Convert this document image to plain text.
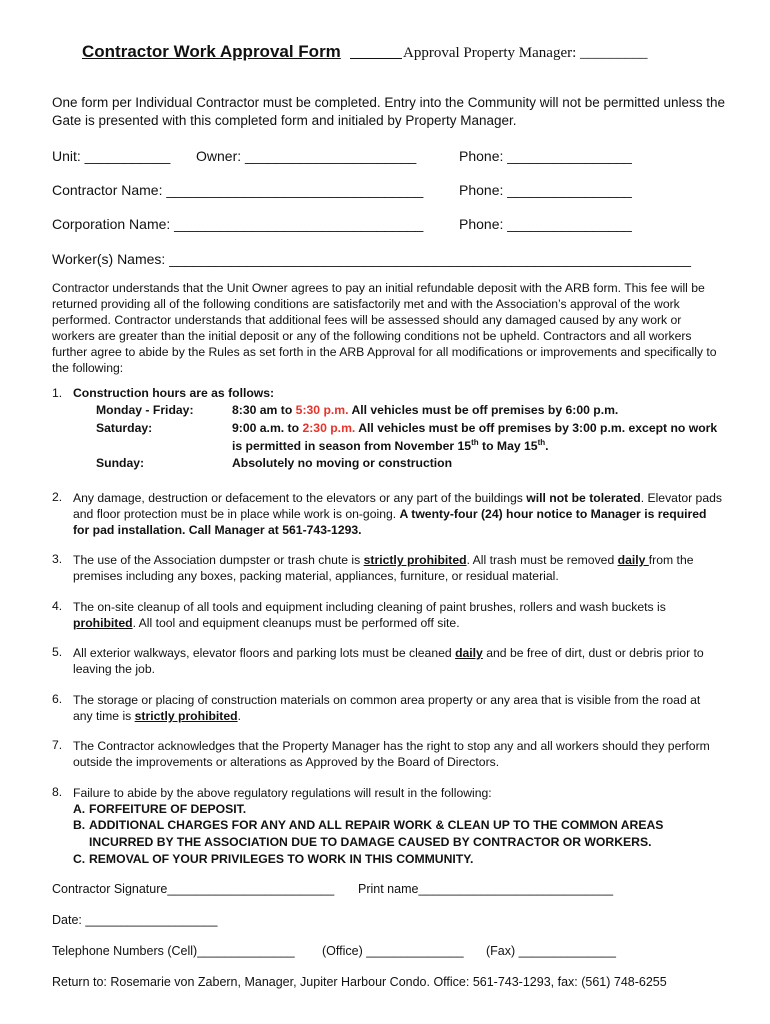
Contractor Work Approval Form	Approval Property Manager: _________
One form per Individual Contractor must be completed. Entry into the Community will not be permitted unless the Gate is presented with this completed form and initialed by Property Manager.
Unit: ___________ Owner: ______________________	Phone: ________________
Contractor Name: _________________________________	Phone: ________________
Corporation Name: ________________________________	Phone: ________________
Worker(s) Names: ___________________________________________________________________
Contractor understands that the Unit Owner agrees to pay an initial refundable deposit with the ARB form. This fee will be returned providing all of the following conditions are satisfactorily met and with the Association’s approval of the work performed. Contractor understands that additional fees will be assessed should any damaged caused by any work or workers are greater than the initial deposit or any of the following conditions not be upheld. Contractors and all workers further agree to abide by the Rules as set forth in the ARB Approval for all modifications or improvements and specifically to the following:
1. Construction hours are as follows:
Monday - Friday:	8:30 am to 5:30 p.m. All vehicles must be off premises by 6:00 p.m.
Saturday:	9:00 a.m. to 2:30 p.m. All vehicles must be off premises by 3:00 p.m. except no work
is permitted in season from November 15th to May 15th.
Sunday:	Absolutely no moving or construction
2. Any damage, destruction or defacement to the elevators or any part of the buildings will not be tolerated. Elevator pads and floor protection must be in place while work is on-going. A twenty-four (24) hour notice to Manager is required for pad installation. Call Manager at 561-743-1293.
3. The use of the Association dumpster or trash chute is strictly prohibited. All trash must be removed daily from the premises including any boxes, packing material, appliances, furniture, or residual material.
4. The on-site cleanup of all tools and equipment including cleaning of paint brushes, rollers and wash buckets is prohibited. All tool and equipment cleanups must be performed off site.
5. All exterior walkways, elevator floors and parking lots must be cleaned daily and be free of dirt, dust or debris prior to leaving the job.
6. The storage or placing of construction materials on common area property or any area that is visible from the road at any time is strictly prohibited.
7. The Contractor acknowledges that the Property Manager has the right to stop any and all workers should they perform outside the improvements or alterations as Approved by the Board of Directors.
8. Failure to abide by the above regulatory regulations will result in the following:
A. FORFEITURE OF DEPOSIT.
B. ADDITIONAL CHARGES FOR ANY AND ALL REPAIR WORK & CLEAN UP TO THE COMMON AREAS
INCURRED BY THE ASSOCIATION DUE TO DAMAGE CAUSED BY CONTRACTOR OR WORKERS.
C. REMOVAL OF YOUR PRIVILEGES TO WORK IN THIS COMMUNITY.
Contractor Signature________________________ Print name____________________________
Date: ___________________
Telephone Numbers (Cell)______________ (Office) ______________ (Fax) ______________
Return to: Rosemarie von Zabern, Manager, Jupiter Harbour Condo. Office: 561-743-1293, fax: (561) 748-6255
